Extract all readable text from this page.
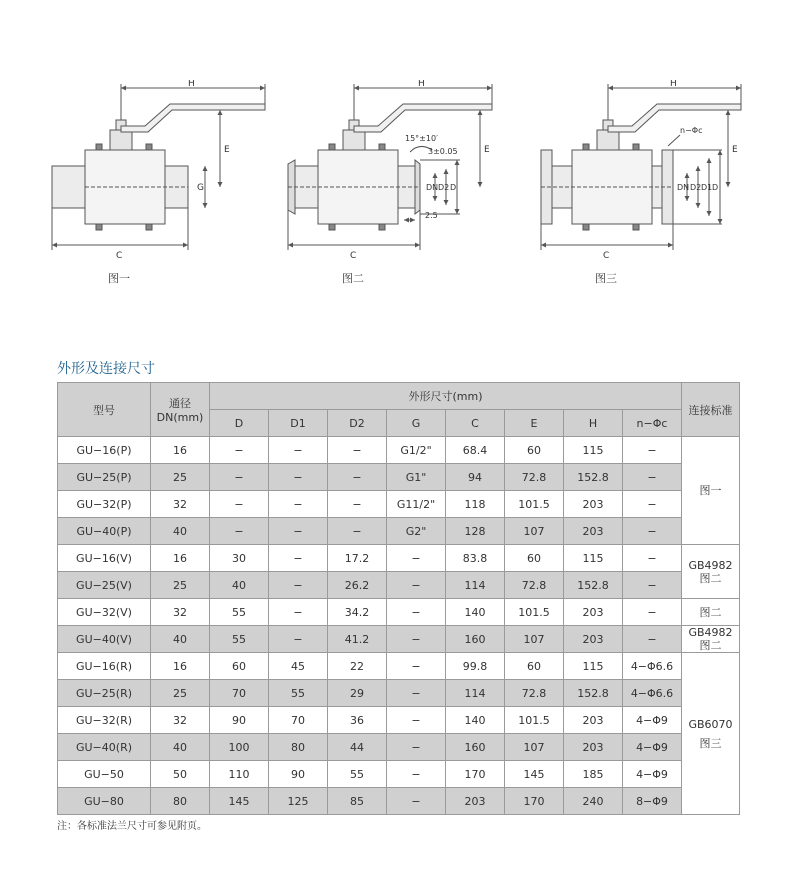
H
E
C
G
H
E
C
DN D2 D
15°±10′
3±0.05
2.5
H
E
C
DN D2 D1 D
n−Φc
图一	图二	图三
外形及连接尺寸
型号	通径
DN(mm)	外形尺寸(mm)								连接标准
		D	D1	D2	G	C	E	H	n−Φc	
GU−16(P)	16	−	−	−	G1/2"	68.4	60	115	−	图一

GU−25(P)	25	−	−	−	G1"	94	72.8	152.8	−	
GU−32(P)	32	−	−	−	G11/2"	118	101.5	203	−	
GU−40(P)	40	−	−	−	G2"	128	107	203	−	
GU−16(V)	16	30	−	17.2	−	83.8	60	115	−	GB4982
图二

GU−25(V)	25	40	−	26.2	−	114	72.8	152.8	−	
GU−32(V)	32	55	−	34.2	−	140	101.5	203	−	图二

GU−40(V)	40	55	−	41.2	−	160	107	203	−	GB4982
图二

GU−16(R)	16	60	45	22	−	99.8	60	115	4−Φ6.6	GB6070
图三

GU−25(R)	25	70	55	29	−	114	72.8	152.8	4−Φ6.6	
GU−32(R)	32	90	70	36	−	140	101.5	203	4−Φ9	
GU−40(R)	40	100	80	44	−	160	107	203	4−Φ9	
GU−50	50	110	90	55	−	170	145	185	4−Φ9	
GU−80	80	145	125	85	−	203	170	240	8−Φ9	
注：各标准法兰尺寸可参见附页。
